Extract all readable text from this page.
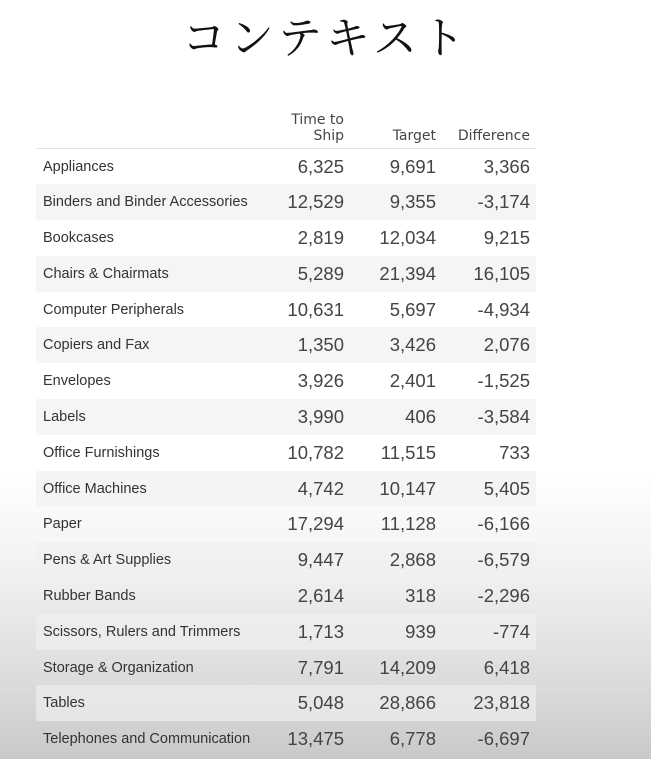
コンテキスト
	Time to Ship	Target	Difference
Appliances	6,325	9,691	3,366
Binders and Binder Accessories	12,529	9,355	-3,174
Bookcases	2,819	12,034	9,215
Chairs & Chairmats	5,289	21,394	16,105
Computer Peripherals	10,631	5,697	-4,934
Copiers and Fax	1,350	3,426	2,076
Envelopes	3,926	2,401	-1,525
Labels	3,990	406	-3,584
Office Furnishings	10,782	11,515	733
Office Machines	4,742	10,147	5,405
Paper	17,294	11,128	-6,166
Pens & Art Supplies	9,447	2,868	-6,579
Rubber Bands	2,614	318	-2,296
Scissors, Rulers and Trimmers	1,713	939	-774
Storage & Organization	7,791	14,209	6,418
Tables	5,048	28,866	23,818
Telephones and Communication	13,475	6,778	-6,697
